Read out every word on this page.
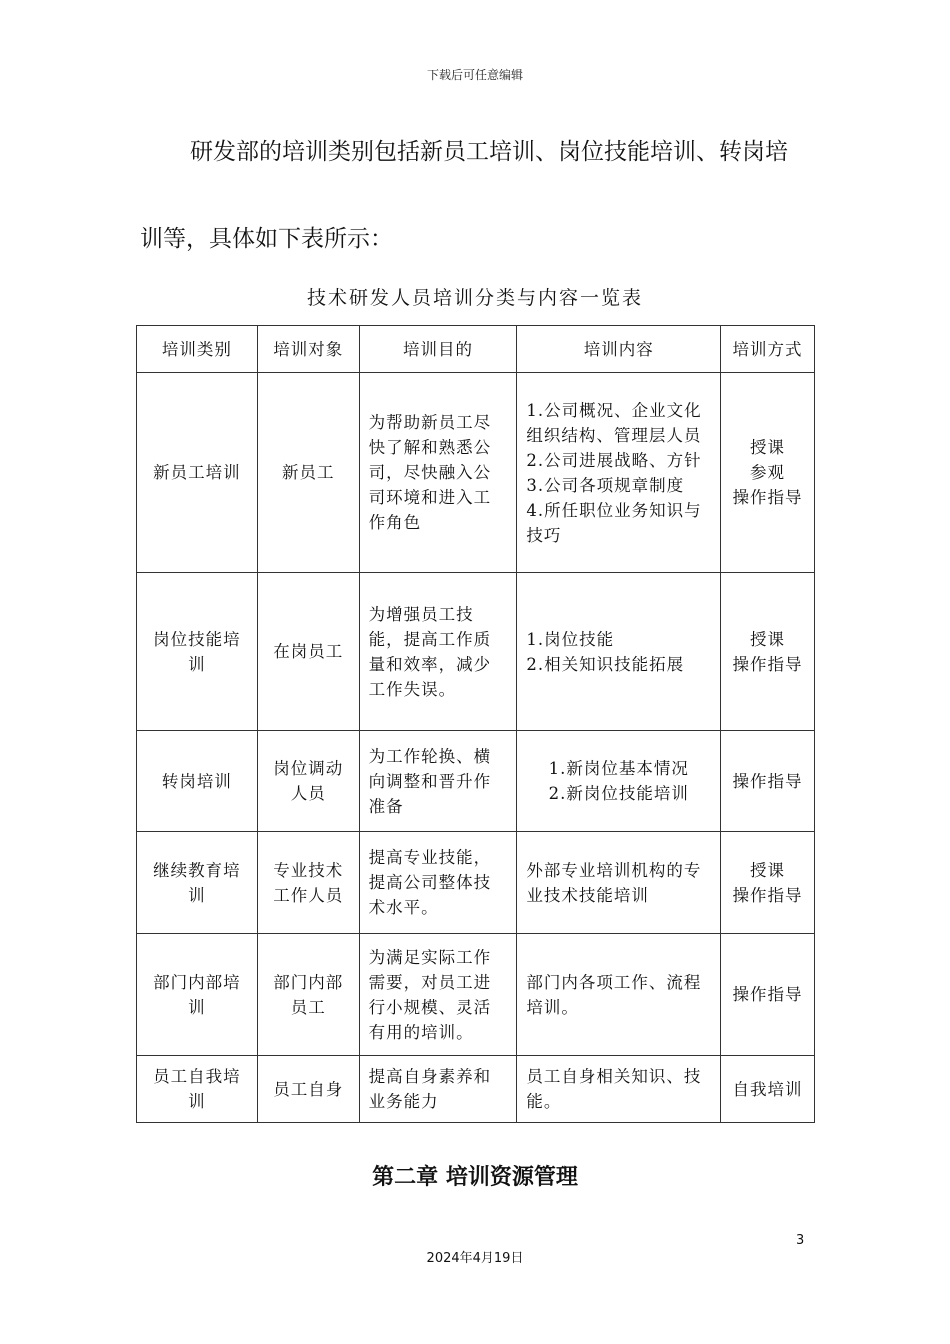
下载后可任意编辑
研发部的培训类别包括新员工培训、岗位技能培训、转岗培
训等，具体如下表所示：
技术研发人员培训分类与内容一览表
培训类别	培训对象	培训目的	培训内容	培训方式
新员工培训	新员工	为帮助新员工尽快了解和熟悉公司，尽快融入公司环境和进入工作角色	1.公司概况、企业文化组织结构、管理层人员
2.公司进展战略、方针
3.公司各项规章制度
4.所任职位业务知识与技巧	授课
参观
操作指导
岗位技能培训	在岗员工	为增强员工技能，提高工作质量和效率，减少工作失误。	1.岗位技能
2.相关知识技能拓展	授课
操作指导
转岗培训	岗位调动人员	为工作轮换、横向调整和晋升作准备	1.新岗位基本情况
2.新岗位技能培训	操作指导
继续教育培训	专业技术工作人员	提高专业技能，提高公司整体技术水平。	外部专业培训机构的专业技术技能培训	授课
操作指导
部门内部培训	部门内部员工	为满足实际工作需要，对员工进行小规模、灵活有用的培训。	部门内各项工作、流程培训。	操作指导
员工自我培训	员工自身	提高自身素养和业务能力	员工自身相关知识、技能。	自我培训
第二章 培训资源管理
3
2024年4月19日
